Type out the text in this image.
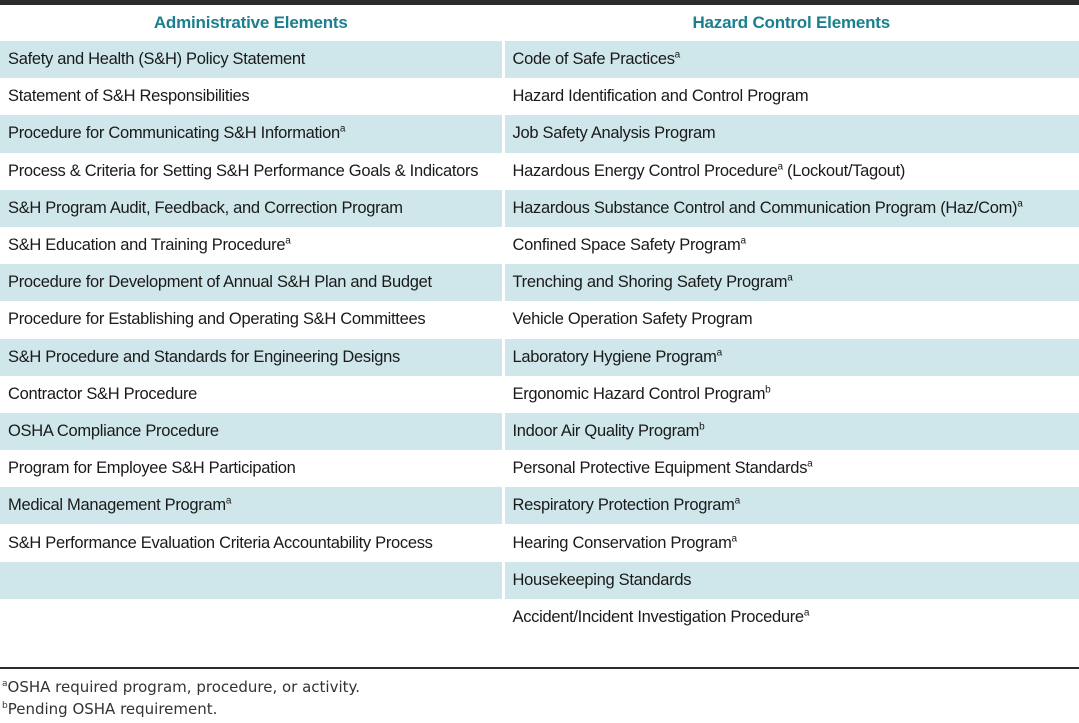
Administrative Elements	Hazard Control Elements
Safety and Health (S&H) Policy Statement	Code of Safe Practices$^a$
Statement of S&H Responsibilities	Hazard Identification and Control Program
Procedure for Communicating S&H Information$^a$	Job Safety Analysis Program
Process & Criteria for Setting S&H Performance Goals & Indicators	Hazardous Energy Control Procedure$^a$ (Lockout/Tagout)
S&H Program Audit, Feedback, and Correction Program	Hazardous Substance Control and Communication Program $(Haz/Com)^a$
S&H Education and Training Procedure$^a$	Confined Space Safety Program$^a$
Procedure for Development of Annual S&H Plan and Budget	Trenching and Shoring Safety Program$^a$
Procedure for Establishing and Operating S&H Committees	Vehicle Operation Safety Program
S&H Procedure and Standards for Engineering Designs	Laboratory Hygiene Program$^a$
Contractor S&H Procedure	Ergonomic Hazard Control Program$^b$
OSHA Compliance Procedure	Indoor Air Quality Program$^b$
Program for Employee S&H Participation	Personal Protective Equipment Standards$^a$
Medical Management Program$^a$	Respiratory Protection Program$^a$
S&H Performance Evaluation Criteria Accountability Process	Hearing Conservation Program$^a$
	Housekeeping Standards
	Accident/Incident Investigation Procedure$^a$
$^a$OSHA required program, procedure, or activity.
$^b$Pending OSHA requirement.
